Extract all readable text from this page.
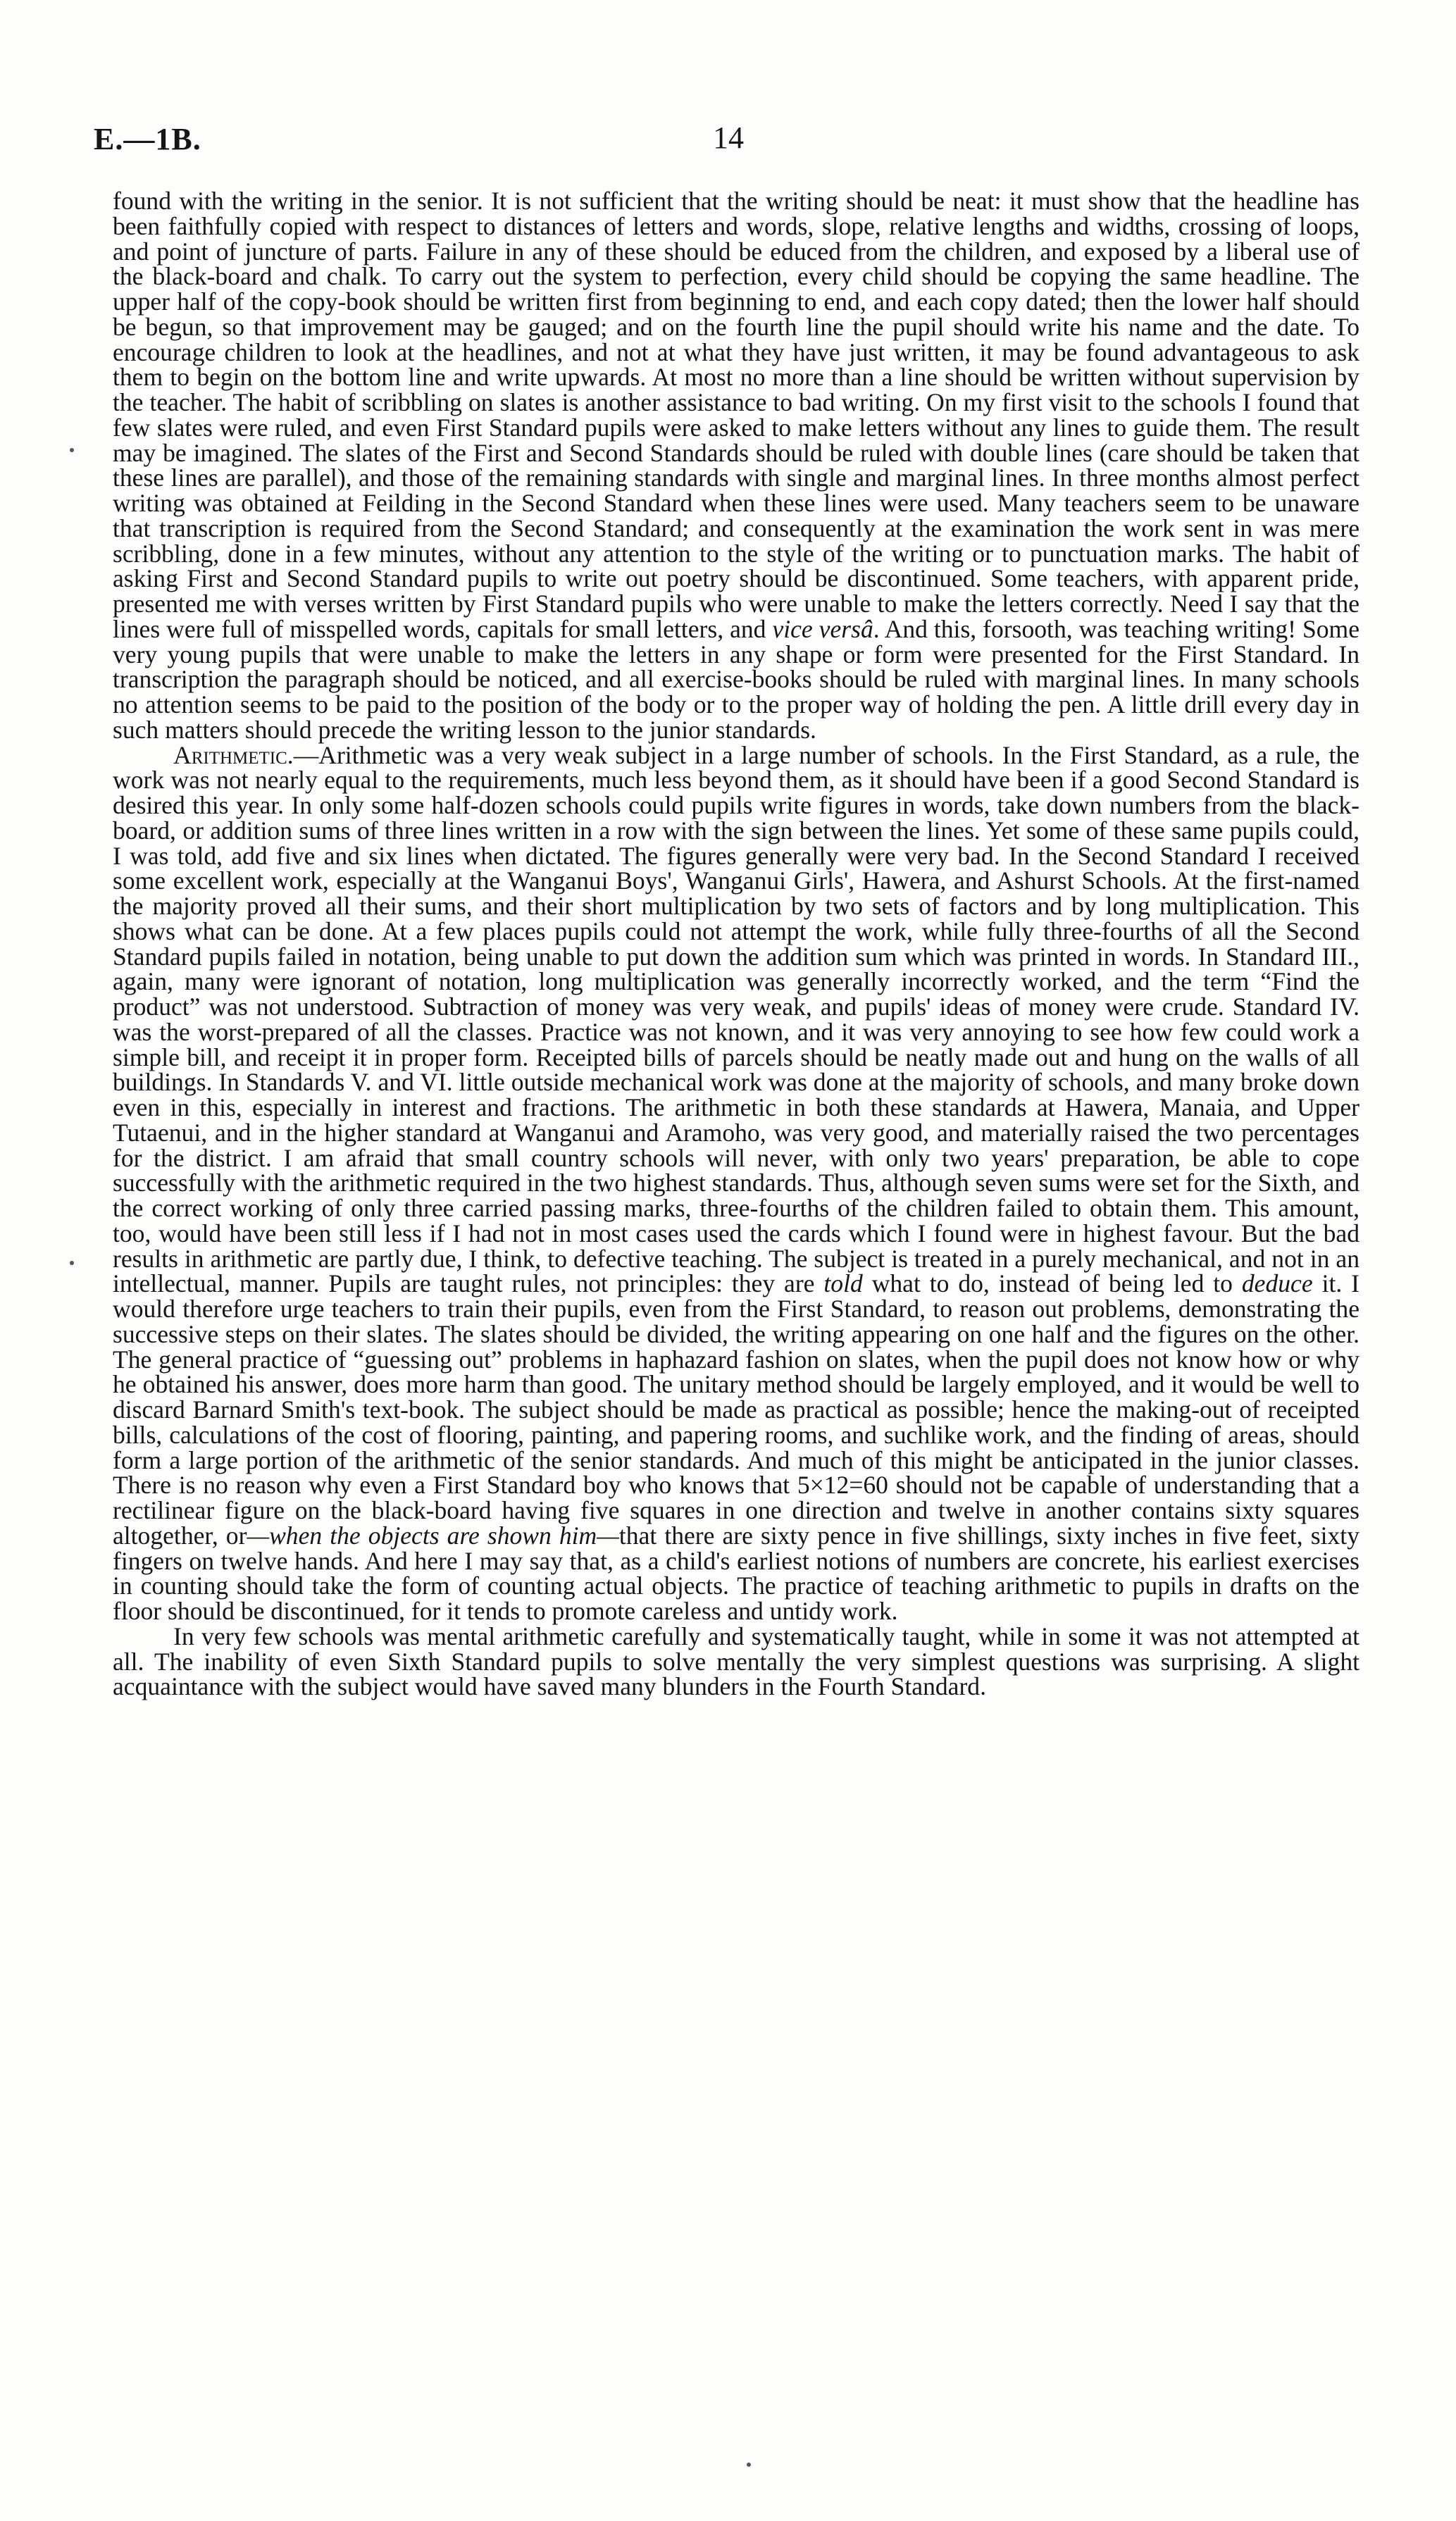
E.—1B.	14

found with the writing in the senior. It is not sufficient that the writing should be neat: it must show that the headline has been faithfully copied with respect to distances of letters and words, slope, relative lengths and widths, crossing of loops, and point of juncture of parts. Failure in any of these should be educed from the children, and exposed by a liberal use of the black-board and chalk. To carry out the system to perfection, every child should be copying the same headline. The upper half of the copy-book should be written first from beginning to end, and each copy dated; then the lower half should be begun, so that improvement may be gauged; and on the fourth line the pupil should write his name and the date. To encourage children to look at the headlines, and not at what they have just written, it may be found advantageous to ask them to begin on the bottom line and write upwards. At most no more than a line should be written without supervision by the teacher. The habit of scribbling on slates is another assistance to bad writing. On my first visit to the schools I found that few slates were ruled, and even First Standard pupils were asked to make letters without any lines to guide them. The result may be imagined. The slates of the First and Second Standards should be ruled with double lines (care should be taken that these lines are parallel), and those of the remaining standards with single and marginal lines. In three months almost perfect writing was obtained at Feilding in the Second Standard when these lines were used. Many teachers seem to be unaware that transcription is required from the Second Standard; and consequently at the examination the work sent in was mere scribbling, done in a few minutes, without any attention to the style of the writing or to punctuation marks. The habit of asking First and Second Standard pupils to write out poetry should be discontinued. Some teachers, with apparent pride, presented me with verses written by First Standard pupils who were unable to make the letters correctly. Need I say that the lines were full of misspelled words, capitals for small letters, and vice versâ. And this, forsooth, was teaching writing! Some very young pupils that were unable to make the letters in any shape or form were presented for the First Standard. In transcription the paragraph should be noticed, and all exercise-books should be ruled with marginal lines. In many schools no attention seems to be paid to the position of the body or to the proper way of holding the pen. A little drill every day in such matters should precede the writing lesson to the junior standards.

Arithmetic.—Arithmetic was a very weak subject in a large number of schools. In the First Standard, as a rule, the work was not nearly equal to the requirements, much less beyond them, as it should have been if a good Second Standard is desired this year. In only some half-dozen schools could pupils write figures in words, take down numbers from the black-board, or addition sums of three lines written in a row with the sign between the lines. Yet some of these same pupils could, I was told, add five and six lines when dictated. The figures generally were very bad. In the Second Standard I received some excellent work, especially at the Wanganui Boys', Wanganui Girls', Hawera, and Ashurst Schools. At the first-named the majority proved all their sums, and their short multiplication by two sets of factors and by long multiplication. This shows what can be done. At a few places pupils could not attempt the work, while fully three-fourths of all the Second Standard pupils failed in notation, being unable to put down the addition sum which was printed in words. In Standard III., again, many were ignorant of notation, long multiplication was generally incorrectly worked, and the term “Find the product” was not understood. Subtraction of money was very weak, and pupils' ideas of money were crude. Standard IV. was the worst-prepared of all the classes. Practice was not known, and it was very annoying to see how few could work a simple bill, and receipt it in proper form. Receipted bills of parcels should be neatly made out and hung on the walls of all buildings. In Standards V. and VI. little outside mechanical work was done at the majority of schools, and many broke down even in this, especially in interest and fractions. The arithmetic in both these standards at Hawera, Manaia, and Upper Tutaenui, and in the higher standard at Wanganui and Aramoho, was very good, and materially raised the two percentages for the district. I am afraid that small country schools will never, with only two years' preparation, be able to cope successfully with the arithmetic required in the two highest standards. Thus, although seven sums were set for the Sixth, and the correct working of only three carried passing marks, three-fourths of the children failed to obtain them. This amount, too, would have been still less if I had not in most cases used the cards which I found were in highest favour. But the bad results in arithmetic are partly due, I think, to defective teaching. The subject is treated in a purely mechanical, and not in an intellectual, manner. Pupils are taught rules, not principles: they are told what to do, instead of being led to deduce it. I would therefore urge teachers to train their pupils, even from the First Standard, to reason out problems, demonstrating the successive steps on their slates. The slates should be divided, the writing appearing on one half and the figures on the other. The general practice of “guessing out” problems in haphazard fashion on slates, when the pupil does not know how or why he obtained his answer, does more harm than good. The unitary method should be largely employed, and it would be well to discard Barnard Smith's text-book. The subject should be made as practical as possible; hence the making-out of receipted bills, calculations of the cost of flooring, painting, and papering rooms, and suchlike work, and the finding of areas, should form a large portion of the arithmetic of the senior standards. And much of this might be anticipated in the junior classes. There is no reason why even a First Standard boy who knows that 5×12=60 should not be capable of understanding that a rectilinear figure on the black-board having five squares in one direction and twelve in another contains sixty squares altogether, or—when the objects are shown him—that there are sixty pence in five shillings, sixty inches in five feet, sixty fingers on twelve hands. And here I may say that, as a child's earliest notions of numbers are concrete, his earliest exercises in counting should take the form of counting actual objects. The practice of teaching arithmetic to pupils in drafts on the floor should be discontinued, for it tends to promote careless and untidy work.

In very few schools was mental arithmetic carefully and systematically taught, while in some it was not attempted at all. The inability of even Sixth Standard pupils to solve mentally the very simplest questions was surprising. A slight acquaintance with the subject would have saved many blunders in the Fourth Standard.
